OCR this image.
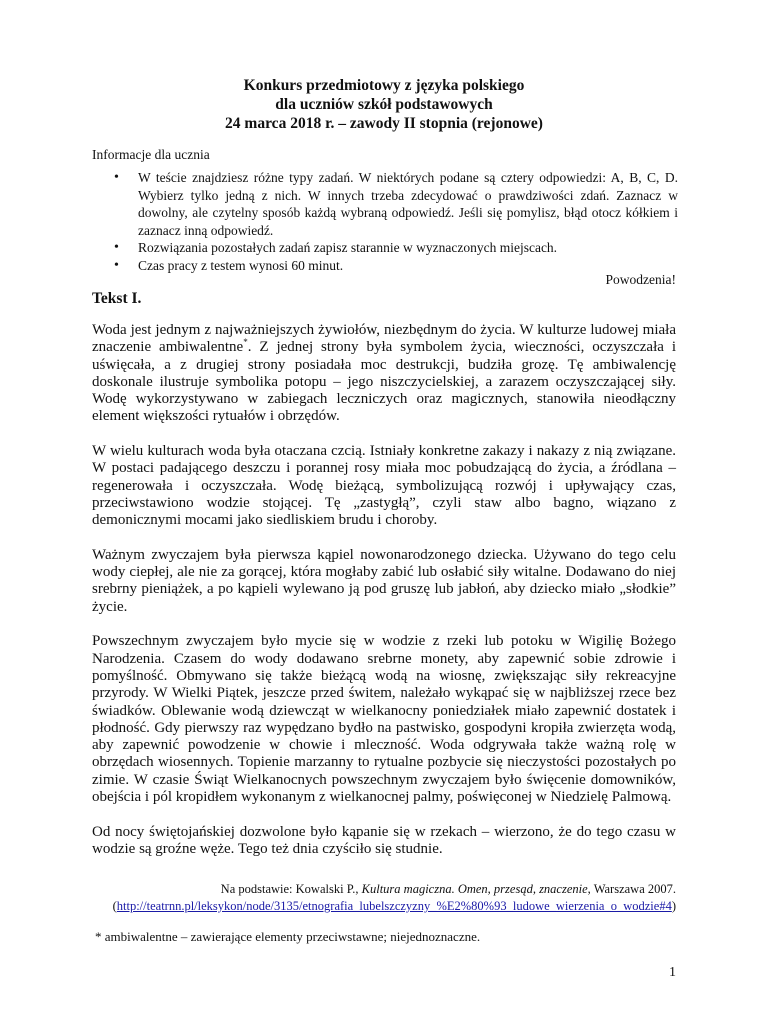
Konkurs przedmiotowy z języka polskiego
dla uczniów szkół podstawowych
24 marca 2018 r. – zawody II stopnia (rejonowe)
Informacje dla ucznia
• W teście znajdziesz różne typy zadań. W niektórych podane są cztery odpowiedzi: A, B, C, D. Wybierz tylko jedną z nich. W innych trzeba zdecydować o prawdziwości zdań. Zaznacz w dowolny, ale czytelny sposób każdą wybraną odpowiedź. Jeśli się pomylisz, błąd otocz kółkiem i zaznacz inną odpowiedź.
• Rozwiązania pozostałych zadań zapisz starannie w wyznaczonych miejscach.
• Czas pracy z testem wynosi 60 minut.
Powodzenia!
Tekst I.

Woda jest jednym z najważniejszych żywiołów, niezbędnym do życia. W kulturze ludowej miała znaczenie ambiwalentne*. Z jednej strony była symbolem życia, wieczności, oczyszczała i uświęcała, a z drugiej strony posiadała moc destrukcji, budziła grozę. Tę ambiwalencję doskonale ilustruje symbolika potopu – jego niszczycielskiej, a zarazem oczyszczającej siły. Wodę wykorzystywano w zabiegach leczniczych oraz magicznych, stanowiła nieodłączny element większości rytuałów i obrzędów.

W wielu kulturach woda była otaczana czcią. Istniały konkretne zakazy i nakazy z nią związane. W postaci padającego deszczu i porannej rosy miała moc pobudzającą do życia, a źródlana – regenerowała i oczyszczała. Wodę bieżącą, symbolizującą rozwój i upływający czas, przeciwstawiono wodzie stojącej. Tę „zastygłą”, czyli staw albo bagno, wiązano z demonicznymi mocami jako siedliskiem brudu i choroby.

Ważnym zwyczajem była pierwsza kąpiel nowonarodzonego dziecka. Używano do tego celu wody ciepłej, ale nie za gorącej, która mogłaby zabić lub osłabić siły witalne. Dodawano do niej srebrny pieniążek, a po kąpieli wylewano ją pod gruszę lub jabłoń, aby dziecko miało „słodkie” życie.

Powszechnym zwyczajem było mycie się w wodzie z rzeki lub potoku w Wigilię Bożego Narodzenia. Czasem do wody dodawano srebrne monety, aby zapewnić sobie zdrowie i pomyślność. Obmywano się także bieżącą wodą na wiosnę, zwiększając siły rekreacyjne przyrody. W Wielki Piątek, jeszcze przed świtem, należało wykąpać się w najbliższej rzece bez świadków. Oblewanie wodą dziewcząt w wielkanocny poniedziałek miało zapewnić dostatek i płodność. Gdy pierwszy raz wypędzano bydło na pastwisko, gospodyni kropiła zwierzęta wodą, aby zapewnić powodzenie w chowie i mleczność. Woda odgrywała także ważną rolę w obrzędach wiosennych. Topienie marzanny to rytualne pozbycie się nieczystości pozostałych po zimie. W czasie Świąt Wielkanocnych powszechnym zwyczajem było święcenie domowników, obejścia i pól kropidłem wykonanym z wielkanocnej palmy, poświęconej w Niedzielę Palmową.

Od nocy świętojańskiej dozwolone było kąpanie się w rzekach – wierzono, że do tego czasu w wodzie są groźne węże. Tego też dnia czyściło się studnie.

Na podstawie: Kowalski P., Kultura magiczna. Omen, przesąd, znaczenie, Warszawa 2007.
(http://teatrnn.pl/leksykon/node/3135/etnografia_lubelszczyzny_%E2%80%93_ludowe_wierzenia_o_wodzie#4)
* ambiwalentne – zawierające elementy przeciwstawne; niejednoznaczne.
1
